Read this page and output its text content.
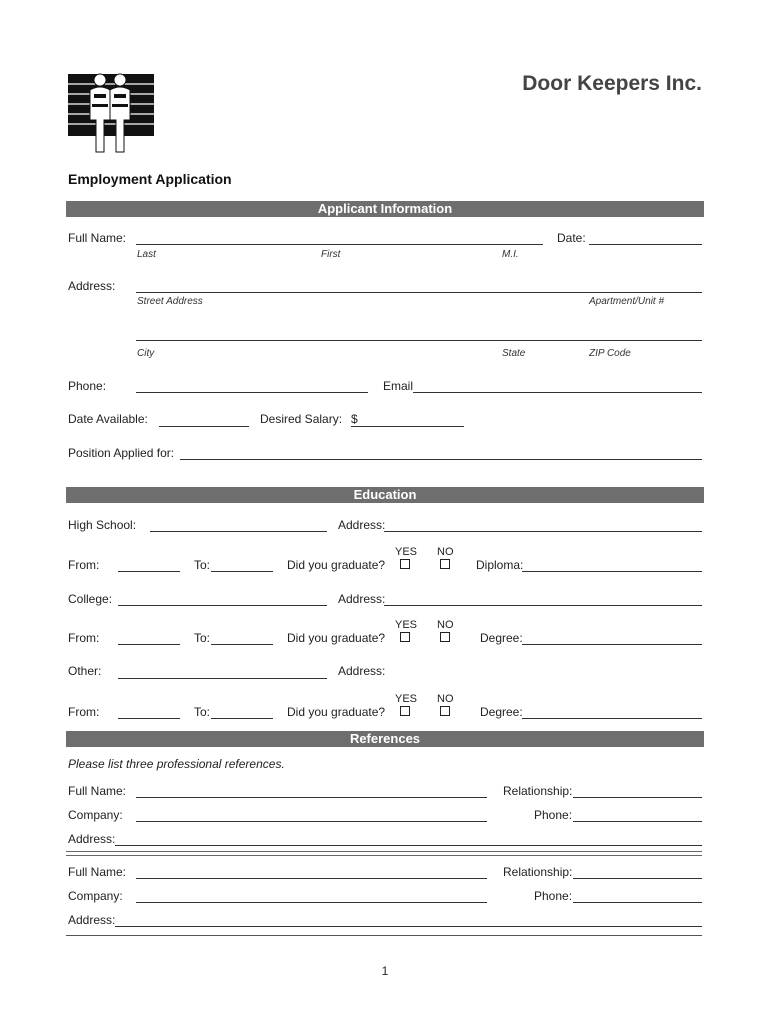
Door Keepers Inc.
Employment Application
Applicant Information
Full Name:
Last	First	M.I.
Date:
Address:
Street Address	Apartment/Unit #
City	State	ZIP Code
Phone:	Email
Date Available:	Desired Salary: $
Position Applied for:
Education
High School:	Address:
YES NO
From:	To:	Did you graduate?	Diploma:
College:	Address:
YES NO
From:	To:	Did you graduate?	Degree:
Other:	Address:
YES NO
From:	To:	Did you graduate?	Degree:
References
Please list three professional references.
Full Name:	Relationship:
Company:	Phone:
Address:
Full Name:	Relationship:
Company:	Phone:
Address:
1
